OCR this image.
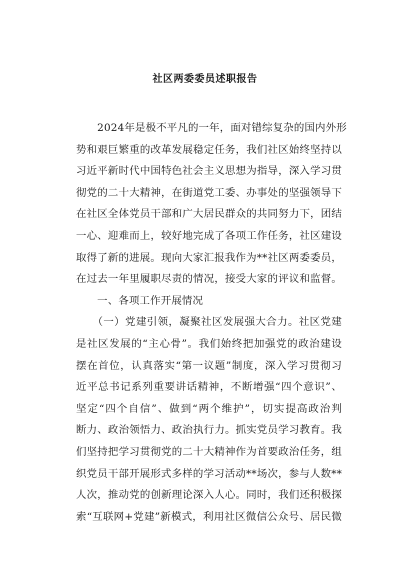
社区两委委员述职报告
　　2024年是极不平凡的一年，面对错综复杂的国内外形
势和艰巨繁重的改革发展稳定任务，我们社区始终坚持以
习近平新时代中国特色社会主义思想为指导，深入学习贯
彻党的二十大精神，在街道党工委、办事处的坚强领导下
在社区全体党员干部和广大居民群众的共同努力下，团结
一心、迎难而上，较好地完成了各项工作任务，社区建设
取得了新的进展。现向大家汇报我作为**社区两委委员，
在过去一年里履职尽责的情况，接受大家的评议和监督。
　　一、各项工作开展情况
　　（一）党建引领，凝聚社区发展强大合力。社区党建
是社区发展的“主心骨”。我们始终把加强党的政治建设
摆在首位，认真落实“第一议题”制度，深入学习贯彻习
近平总书记系列重要讲话精神，不断增强“四个意识”、
坚定“四个自信”、做到“两个维护”，切实提高政治判
断力、政治领悟力、政治执行力。抓实党员学习教育。我
们坚持把学习贯彻党的二十大精神作为首要政治任务，组
织党员干部开展形式多样的学习活动**场次，参与人数**
人次，推动党的创新理论深入人心。同时，我们还积极探
索“互联网+党建”新模式，利用社区微信公众号、居民微
